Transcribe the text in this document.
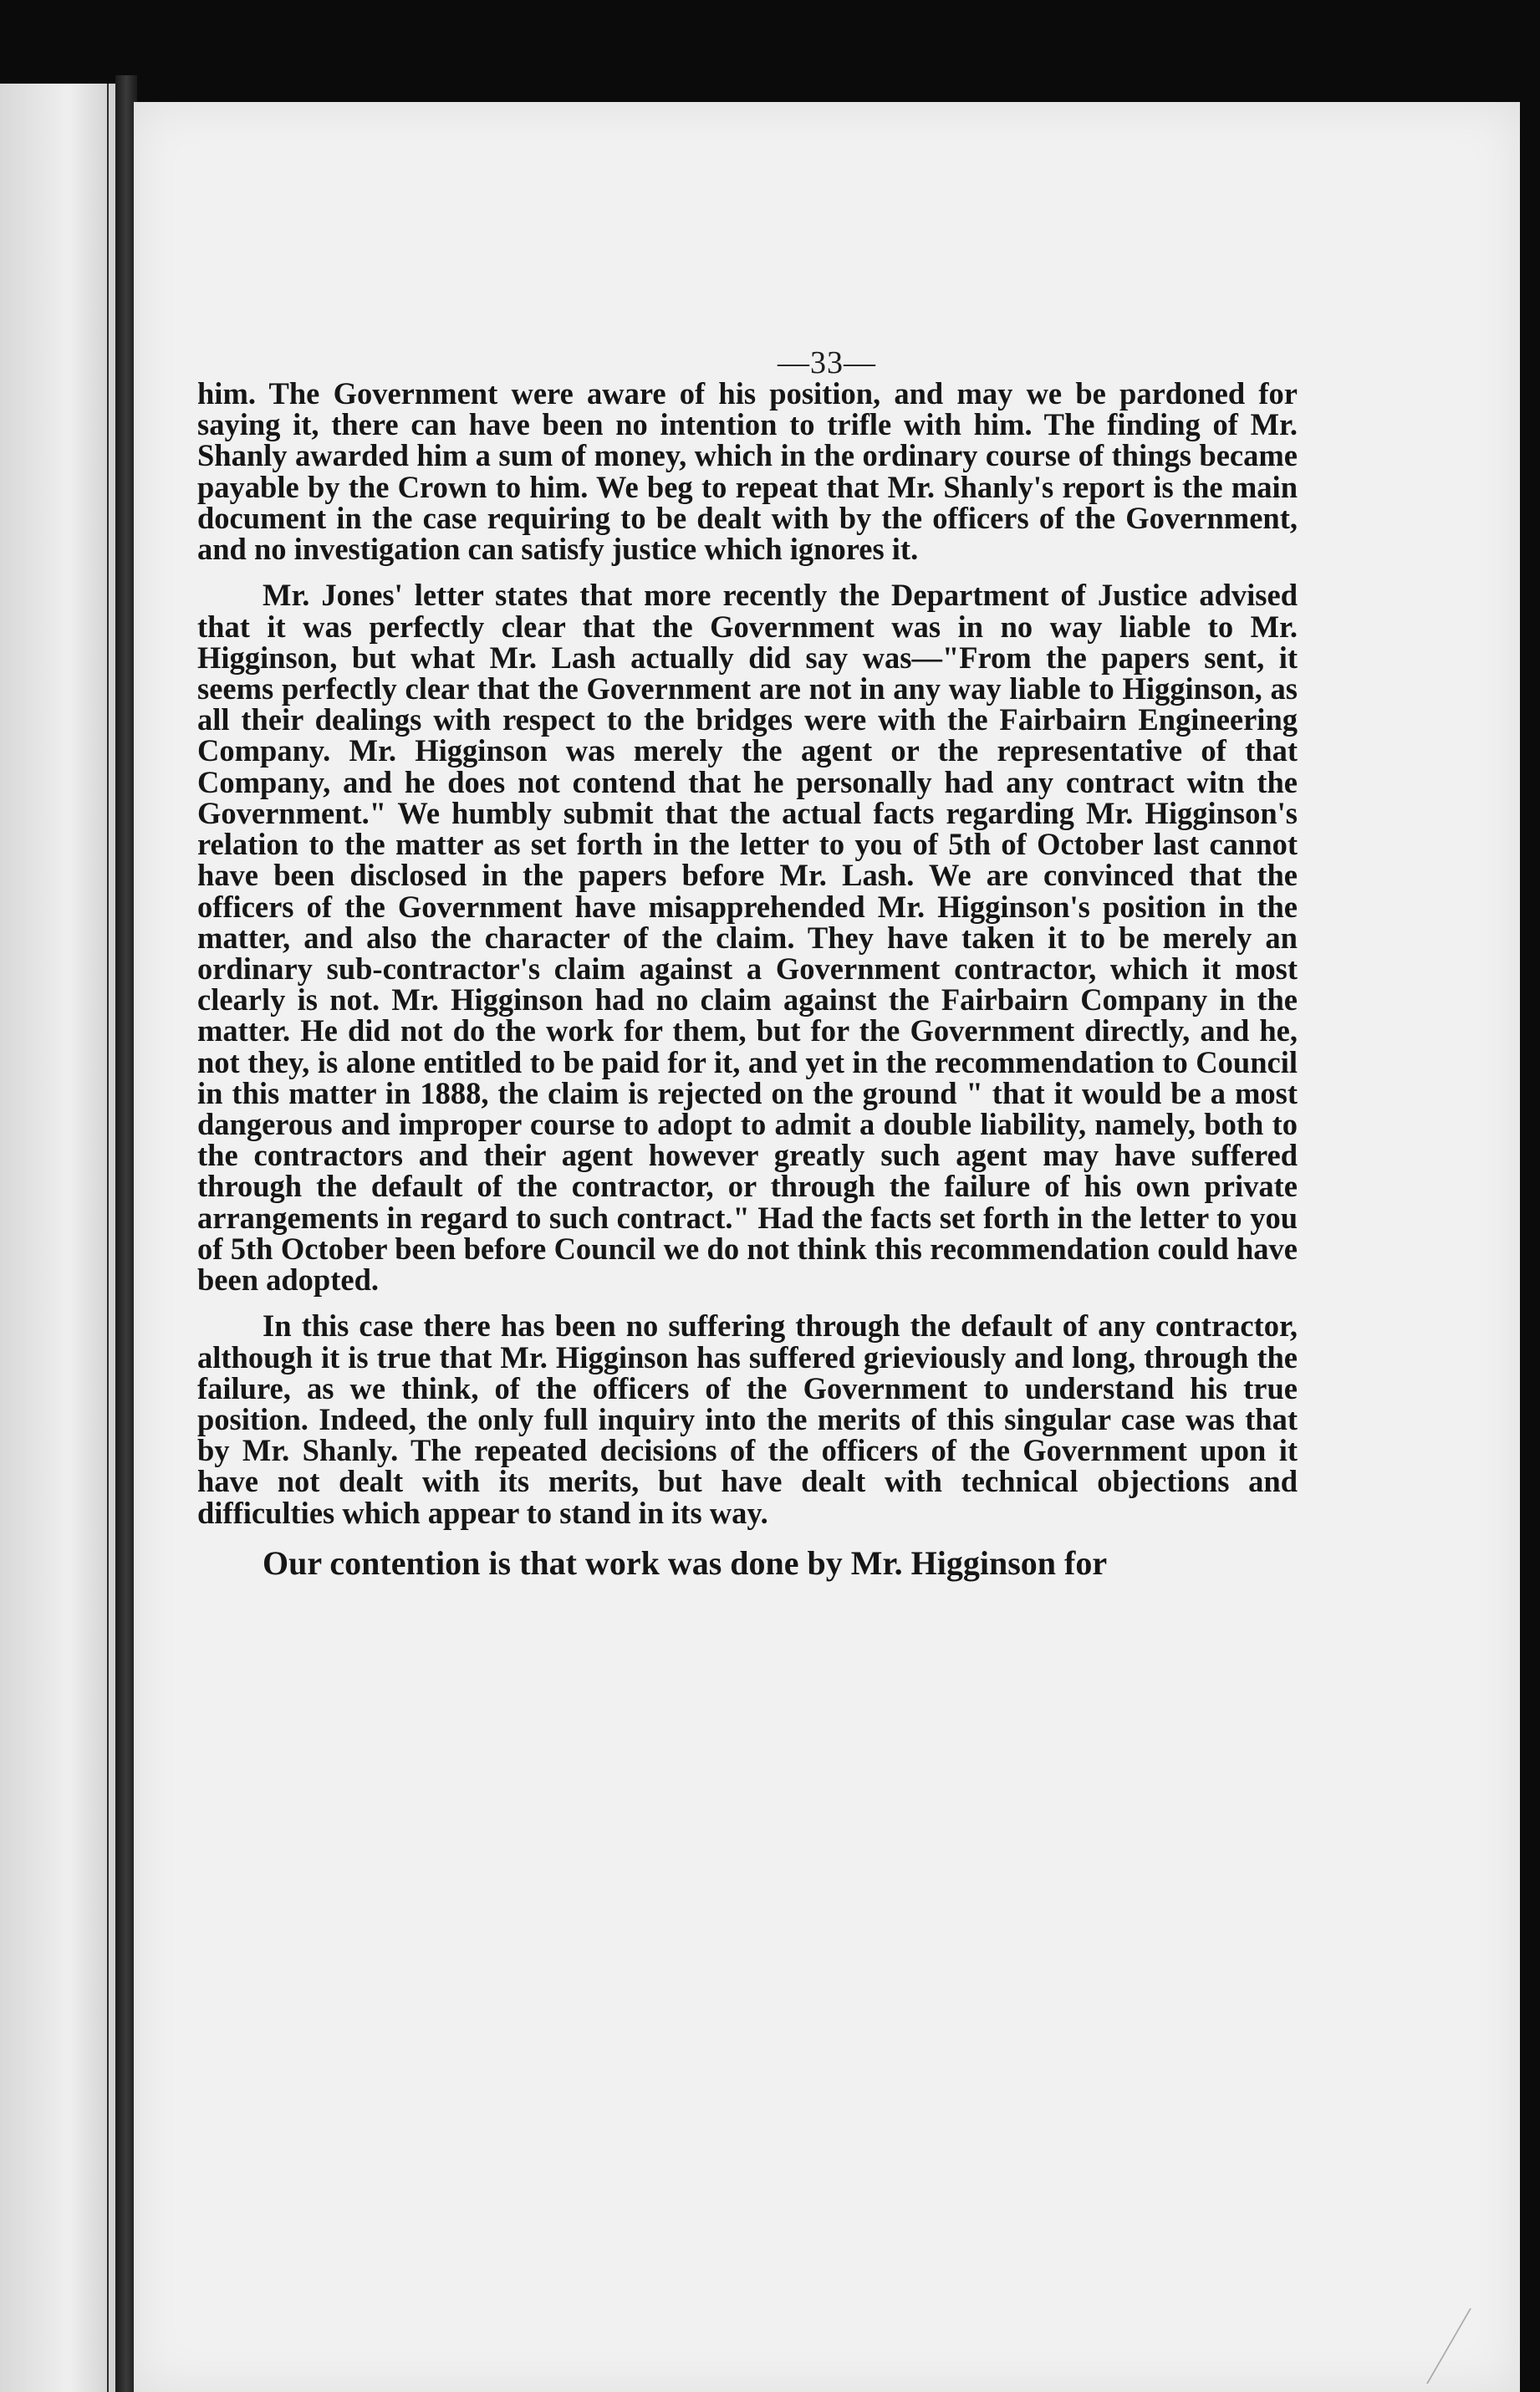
—33—

him. The Government were aware of his position, and may we be pardoned for saying it, there can have been no intention to trifle with him. The finding of Mr. Shanly awarded him a sum of money, which in the ordinary course of things became payable by the Crown to him. We beg to repeat that Mr. Shanly's report is the main document in the case requiring to be dealt with by the officers of the Government, and no investigation can satisfy justice which ignores it.

Mr. Jones' letter states that more recently the Department of Justice advised that it was perfectly clear that the Government was in no way liable to Mr. Higginson, but what Mr. Lash actually did say was—"From the papers sent, it seems perfectly clear that the Government are not in any way liable to Higginson, as all their dealings with respect to the bridges were with the Fairbairn Engineering Company. Mr. Higginson was merely the agent or the representative of that Company, and he does not contend that he personally had any contract witn the Government." We humbly submit that the actual facts regarding Mr. Higginson's relation to the matter as set forth in the letter to you of 5th of October last cannot have been disclosed in the papers before Mr. Lash. We are convinced that the officers of the Government have misapprehended Mr. Higginson's position in the matter, and also the character of the claim. They have taken it to be merely an ordinary sub-contractor's claim against a Government contractor, which it most clearly is not. Mr. Higginson had no claim against the Fairbairn Company in the matter. He did not do the work for them, but for the Government directly, and he, not they, is alone entitled to be paid for it, and yet in the recommendation to Council in this matter in 1888, the claim is rejected on the ground " that it would be a most dangerous and improper course to adopt to admit a double liability, namely, both to the contractors and their agent however greatly such agent may have suffered through the default of the contractor, or through the failure of his own private arrangements in regard to such contract." Had the facts set forth in the letter to you of 5th October been before Council we do not think this recommendation could have been adopted.

In this case there has been no suffering through the default of any contractor, although it is true that Mr. Higginson has suffered grieviously and long, through the failure, as we think, of the officers of the Government to understand his true position. Indeed, the only full inquiry into the merits of this singular case was that by Mr. Shanly. The repeated decisions of the officers of the Government upon it have not dealt with its merits, but have dealt with technical objections and difficulties which appear to stand in its way.

Our contention is that work was done by Mr. Higginson for
